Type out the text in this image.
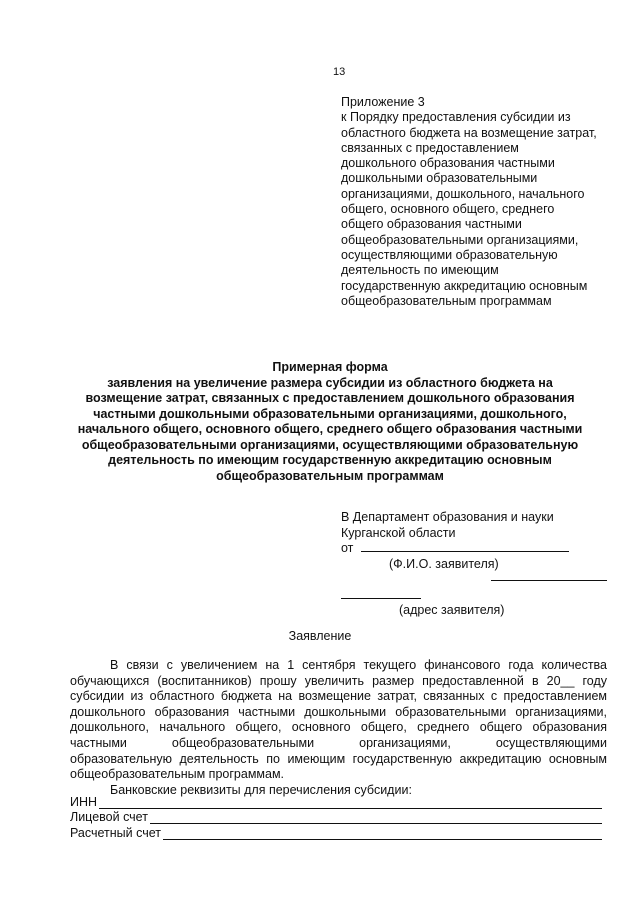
13
Приложение 3
к Порядку предоставления субсидии из
областного бюджета на возмещение затрат,
связанных с предоставлением
дошкольного образования частными
дошкольными образовательными
организациями, дошкольного, начального
общего, основного общего, среднего
общего образования частными
общеобразовательными организациями,
осуществляющими образовательную
деятельность по имеющим
государственную аккредитацию основным
общеобразовательным программам
Примерная форма
заявления на увеличение размера субсидии из областного бюджета на
возмещение затрат, связанных с предоставлением дошкольного образования
частными дошкольными образовательными организациями, дошкольного,
начального общего, основного общего, среднего общего образования частными
общеобразовательными организациями, осуществляющими образовательную
деятельность по имеющим государственную аккредитацию основным
общеобразовательным программам
В Департамент образования и науки
Курганской области
от
(Ф.И.О. заявителя)
(адрес заявителя)
Заявление
В связи с увеличением на 1 сентября текущего финансового года количества
обучающихся (воспитанников) прошу увеличить размер предоставленной в 20__ году
субсидии из областного бюджета на возмещение затрат, связанных с предоставлением
дошкольного образования частными дошкольными образовательными организациями,
дошкольного, начального общего, основного общего, среднего общего образования
частными общеобразовательными организациями, осуществляющими
образовательную деятельность по имеющим государственную аккредитацию основным
общеобразовательным программам.
Банковские реквизиты для перечисления субсидии:
ИНН
Лицевой счет
Расчетный счет
